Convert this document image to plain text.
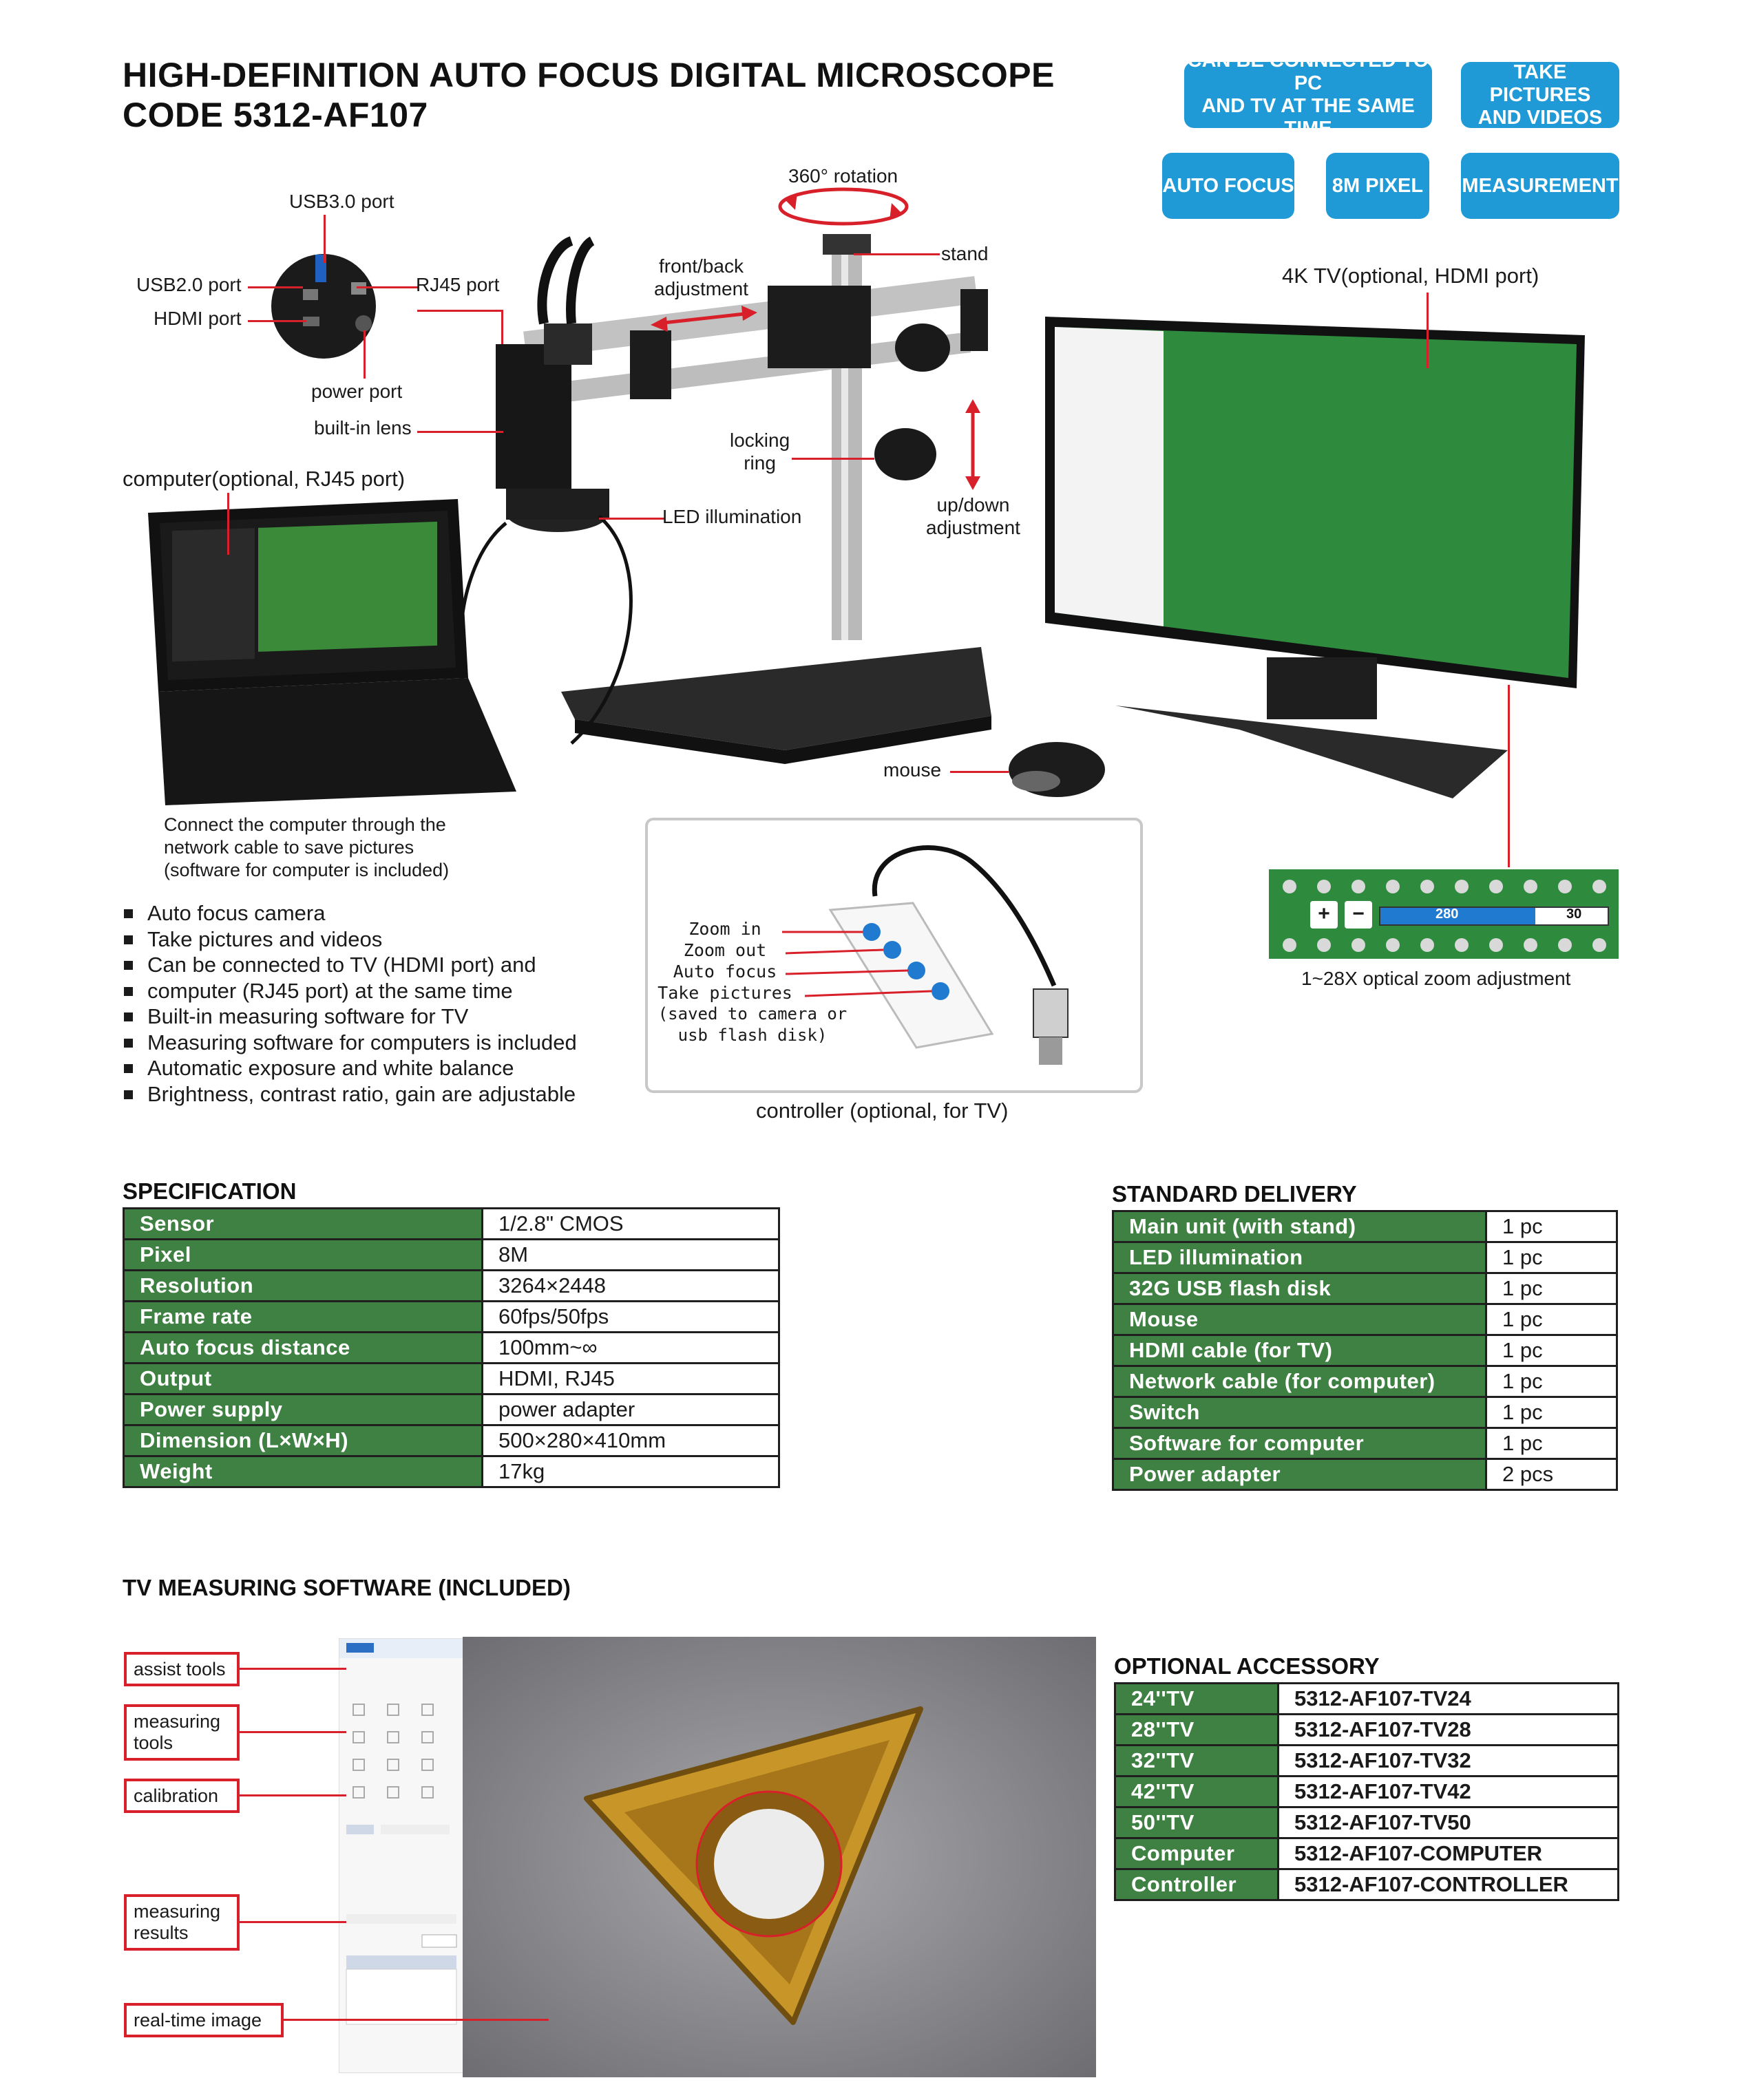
HIGH-DEFINITION AUTO FOCUS DIGITAL MICROSCOPE
CODE 5312-AF107
CAN BE CONNECTED TO PC
AND TV AT THE SAME TIME
TAKE PICTURES
AND VIDEOS
AUTO FOCUS 8M PIXEL MEASUREMENT
USB3.0 port
USB2.0 port
HDMI port
RJ45 port
power port
built-in lens
360° rotation
front/back
adjustment
stand
locking
ring
LED illumination
up/down
adjustment
computer(optional, RJ45 port)
4K TV(optional, HDMI port)
mouse
Connect the computer through the
network cable to save pictures
(software for computer is included)
+	−	280	30
1~28X optical zoom adjustment
Zoom in
Zoom out
Auto focus
Take pictures
(saved to camera or
usb flash disk)
controller (optional, for TV)
Auto focus camera
Take pictures and videos
Can be connected to TV (HDMI port) and
computer (RJ45 port) at the same time
Built-in measuring software for TV
Measuring software for computers is included
Automatic exposure and white balance
Brightness, contrast ratio, gain are adjustable
SPECIFICATION
Sensor	1/2.8" CMOS
Pixel	8M
Resolution	3264×2448
Frame rate	60fps/50fps
Auto focus distance	100mm~∞
Output	HDMI, RJ45
Power supply	power adapter
Dimension (L×W×H)	500×280×410mm
Weight	17kg
STANDARD DELIVERY
Main unit (with stand)	1 pc
LED illumination	1 pc
32G USB flash disk	1 pc
Mouse	1 pc
HDMI cable (for TV)	1 pc
Network cable (for computer)	1 pc
Switch	1 pc
Software for computer	1 pc
Power adapter	2 pcs
TV MEASURING SOFTWARE (INCLUDED)
assist tools
measuring tools
calibration
measuring results
real-time image
OPTIONAL ACCESSORY
24''TV	5312-AF107-TV24
28''TV	5312-AF107-TV28
32''TV	5312-AF107-TV32
42''TV	5312-AF107-TV42
50''TV	5312-AF107-TV50
Computer	5312-AF107-COMPUTER
Controller	5312-AF107-CONTROLLER
